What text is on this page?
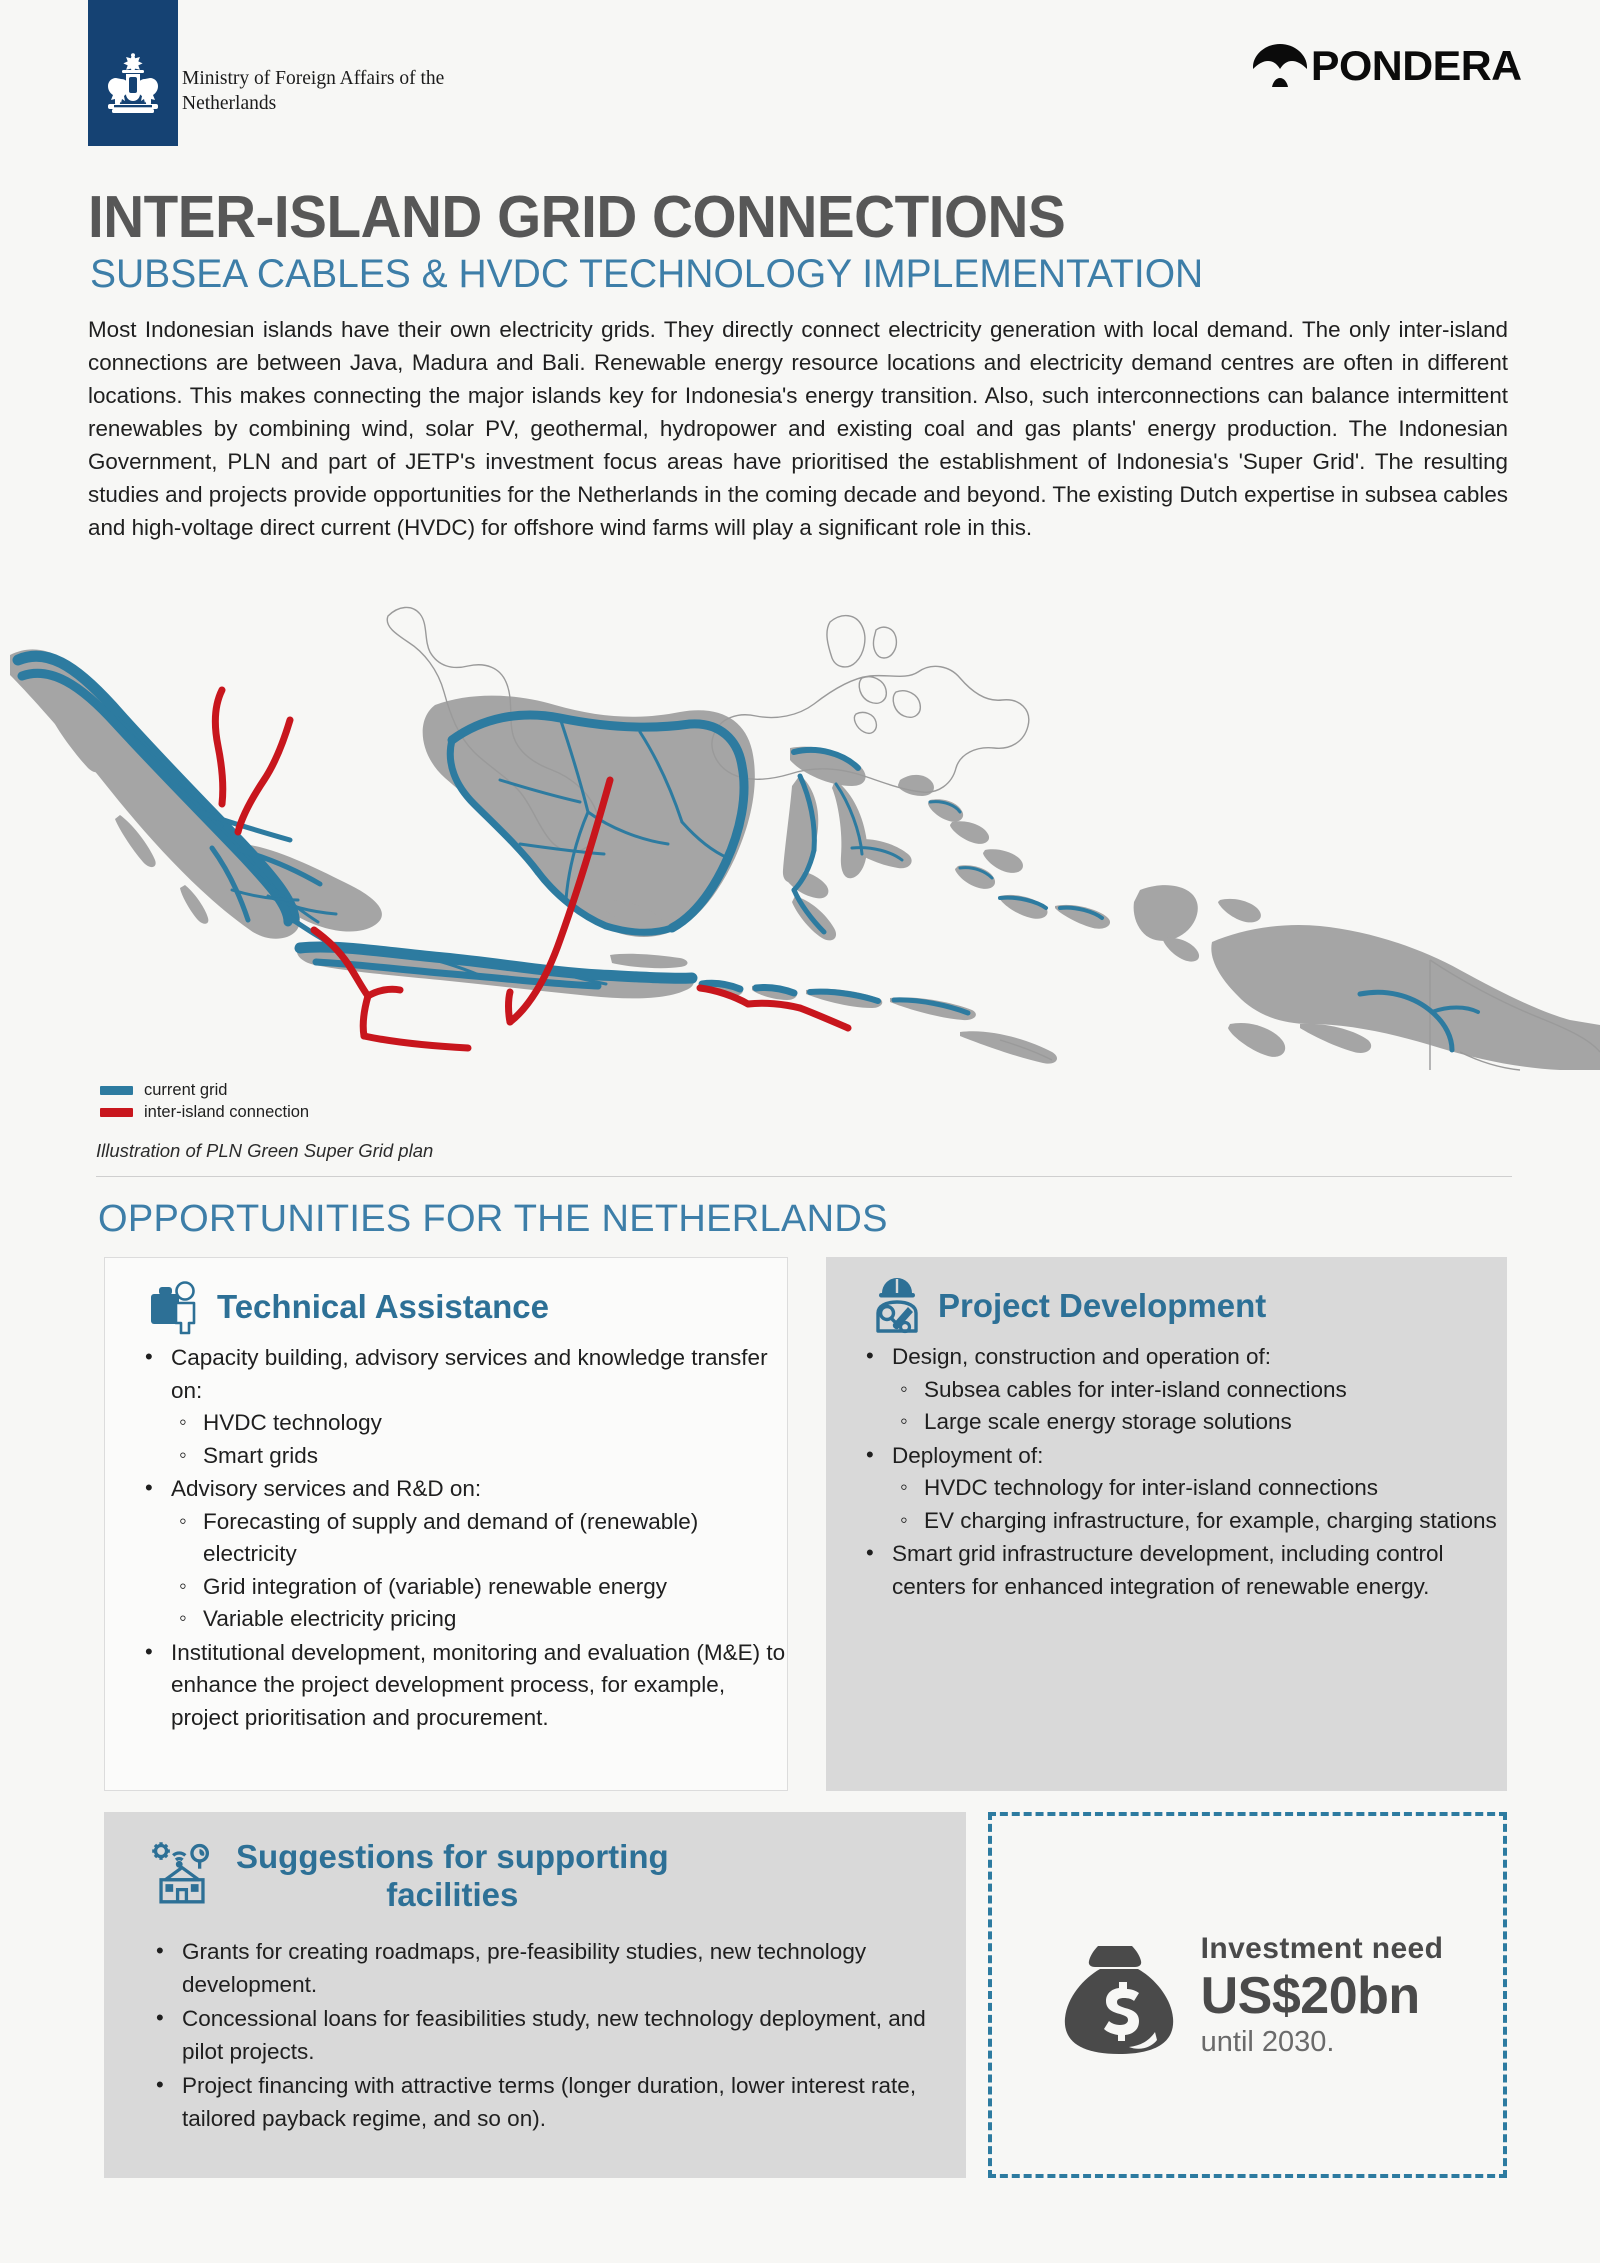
Ministry of Foreign Affairs of the
Netherlands
PONDERA
INTER-ISLAND GRID CONNECTIONS
SUBSEA CABLES & HVDC TECHNOLOGY IMPLEMENTATION
Most Indonesian islands have their own electricity grids. They directly connect electricity generation with local demand. The only inter-island connections are between Java, Madura and Bali. Renewable energy resource locations and electricity demand centres are often in different locations. This makes connecting the major islands key for Indonesia's energy transition. Also, such interconnections can balance intermittent renewables by combining wind, solar PV, geothermal, hydropower and existing coal and gas plants' energy production. The Indonesian Government, PLN and part of JETP's investment focus areas have prioritised the establishment of Indonesia's 'Super Grid'. The resulting studies and projects provide opportunities for the Netherlands in the coming decade and beyond. The existing Dutch expertise in subsea cables and high-voltage direct current (HVDC) for offshore wind farms will play a significant role in this.
current grid
inter-island connection
Illustration of PLN Green Super Grid plan
OPPORTUNITIES FOR THE NETHERLANDS
Technical Assistance
• Capacity building, advisory services and knowledge transfer on:
◦ HVDC technology
◦ Smart grids
• Advisory services and R&D on:
◦ Forecasting of supply and demand of (renewable) electricity
◦ Grid integration of (variable) renewable energy
◦ Variable electricity pricing
• Institutional development, monitoring and evaluation (M&E) to enhance the project development process, for example, project prioritisation and procurement.
Project Development
• Design, construction and operation of:
◦ Subsea cables for inter-island connections
◦ Large scale energy storage solutions
• Deployment of:
◦ HVDC technology for inter-island connections
◦ EV charging infrastructure, for example, charging stations
• Smart grid infrastructure development, including control centers for enhanced integration of renewable energy.
Suggestions for supporting
facilities
• Grants for creating roadmaps, pre-feasibility studies, new technology development.
• Concessional loans for feasibilities study, new technology deployment, and pilot projects.
• Project financing with attractive terms (longer duration, lower interest rate, tailored payback regime, and so on).
Investment need
US$20bn
until 2030.
